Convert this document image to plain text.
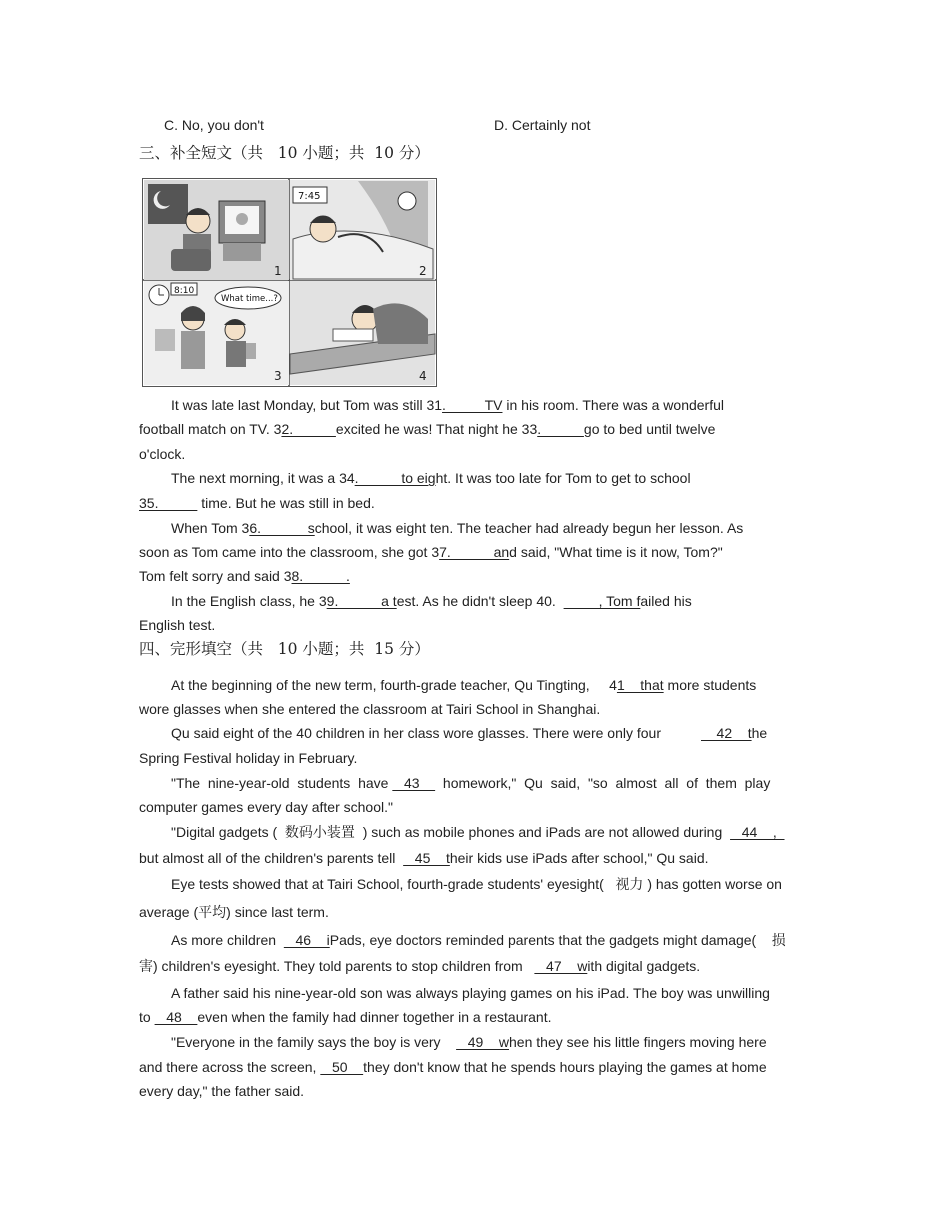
C. No, you don't	D. Certainly not
三、补全短文（共   10 小题；共  10 分）
1
7:45
2
8:10
What time...?
3	4
It was late last Monday, but Tom was still 31.          TV in his room. There was a wonderful
football match on TV. 32.           excited he was! That night he 33.           go to bed until twelve
o'clock.
The next morning, it was a 34.           to eight. It was too late for Tom to get to school
35.           time. But he was still in bed.
When Tom 36.            school, it was eight ten. The teacher had already begun her lesson. As
soon as Tom came into the classroom, she got 37.           and said, "What time is it now, Tom?"
Tom felt sorry and said 38.           .
In the English class, he 39.           a test. As he didn't sleep 40.           , Tom failed his
English test.
四、完形填空（共   10 小题；共  15 分）
At the beginning of the new term, fourth-grade teacher, Qu Tingting,     41    that more students
wore glasses when she entered the classroom at Tairi School in Shanghai.
Qu said eight of the 40 children in her class wore glasses. There were only four	42    the
Spring Festival holiday in February.
"The  nine-year-old  students  have    43      homework,"  Qu  said,  "so  almost  all  of  them  play
computer games every day after school."
"Digital gadgets (  数码小装置  ) such as mobile phones and iPads are not allowed during     44    ,
but almost all of the children's parents tell     45    their kids use iPads after school," Qu said.
Eye tests showed that at Tairi School, fourth-grade students' eyesight(   视力 ) has gotten worse on
average (平均) since last term.
As more children     46    iPads, eye doctors reminded parents that the gadgets might damage(    损
害) children's eyesight. They told parents to stop children from      47    with digital gadgets.
A father said his nine-year-old son was always playing games on his iPad. The boy was unwilling
to    48    even when the family had dinner together in a restaurant.
"Everyone in the family says the boy is very       49    when they see his little fingers moving here
and there across the screen,    50    they don't know that he spends hours playing the games at home
every day," the father said.
